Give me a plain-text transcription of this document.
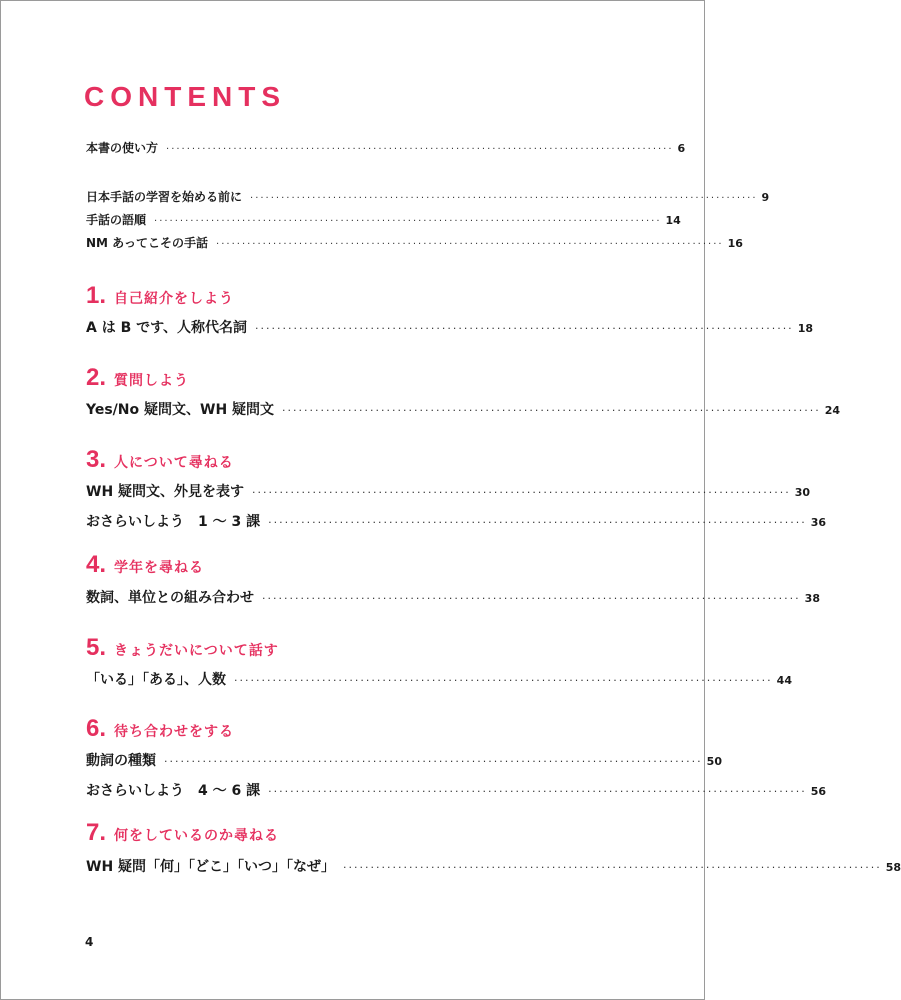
CONTENTS
本書の使い方 ·································································································· 6
日本手話の学習を始める前に ·································································································· 9
手話の語順 ·································································································· 14
NM あってこその手話 ·································································································· 16
1. 自己紹介をしよう
A は B です、人称代名詞 ·································································································· 18
2. 質問しよう
Yes/No 疑問文、WH 疑問文 ·································································································· 24
3. 人について尋ねる
WH 疑問文、外見を表す ·································································································· 30
おさらいしよう　1 ～ 3 課 ·································································································· 36
4. 学年を尋ねる
数詞、単位との組み合わせ ·································································································· 38
5. きょうだいについて話す
「いる」「ある」、人数 ·································································································· 44
6. 待ち合わせをする
動詞の種類 ·································································································· 50
おさらいしよう　4 ～ 6 課 ·································································································· 56
7. 何をしているのか尋ねる
WH 疑問「何」「どこ」「いつ」「なぜ」 ·································································································· 58
4
